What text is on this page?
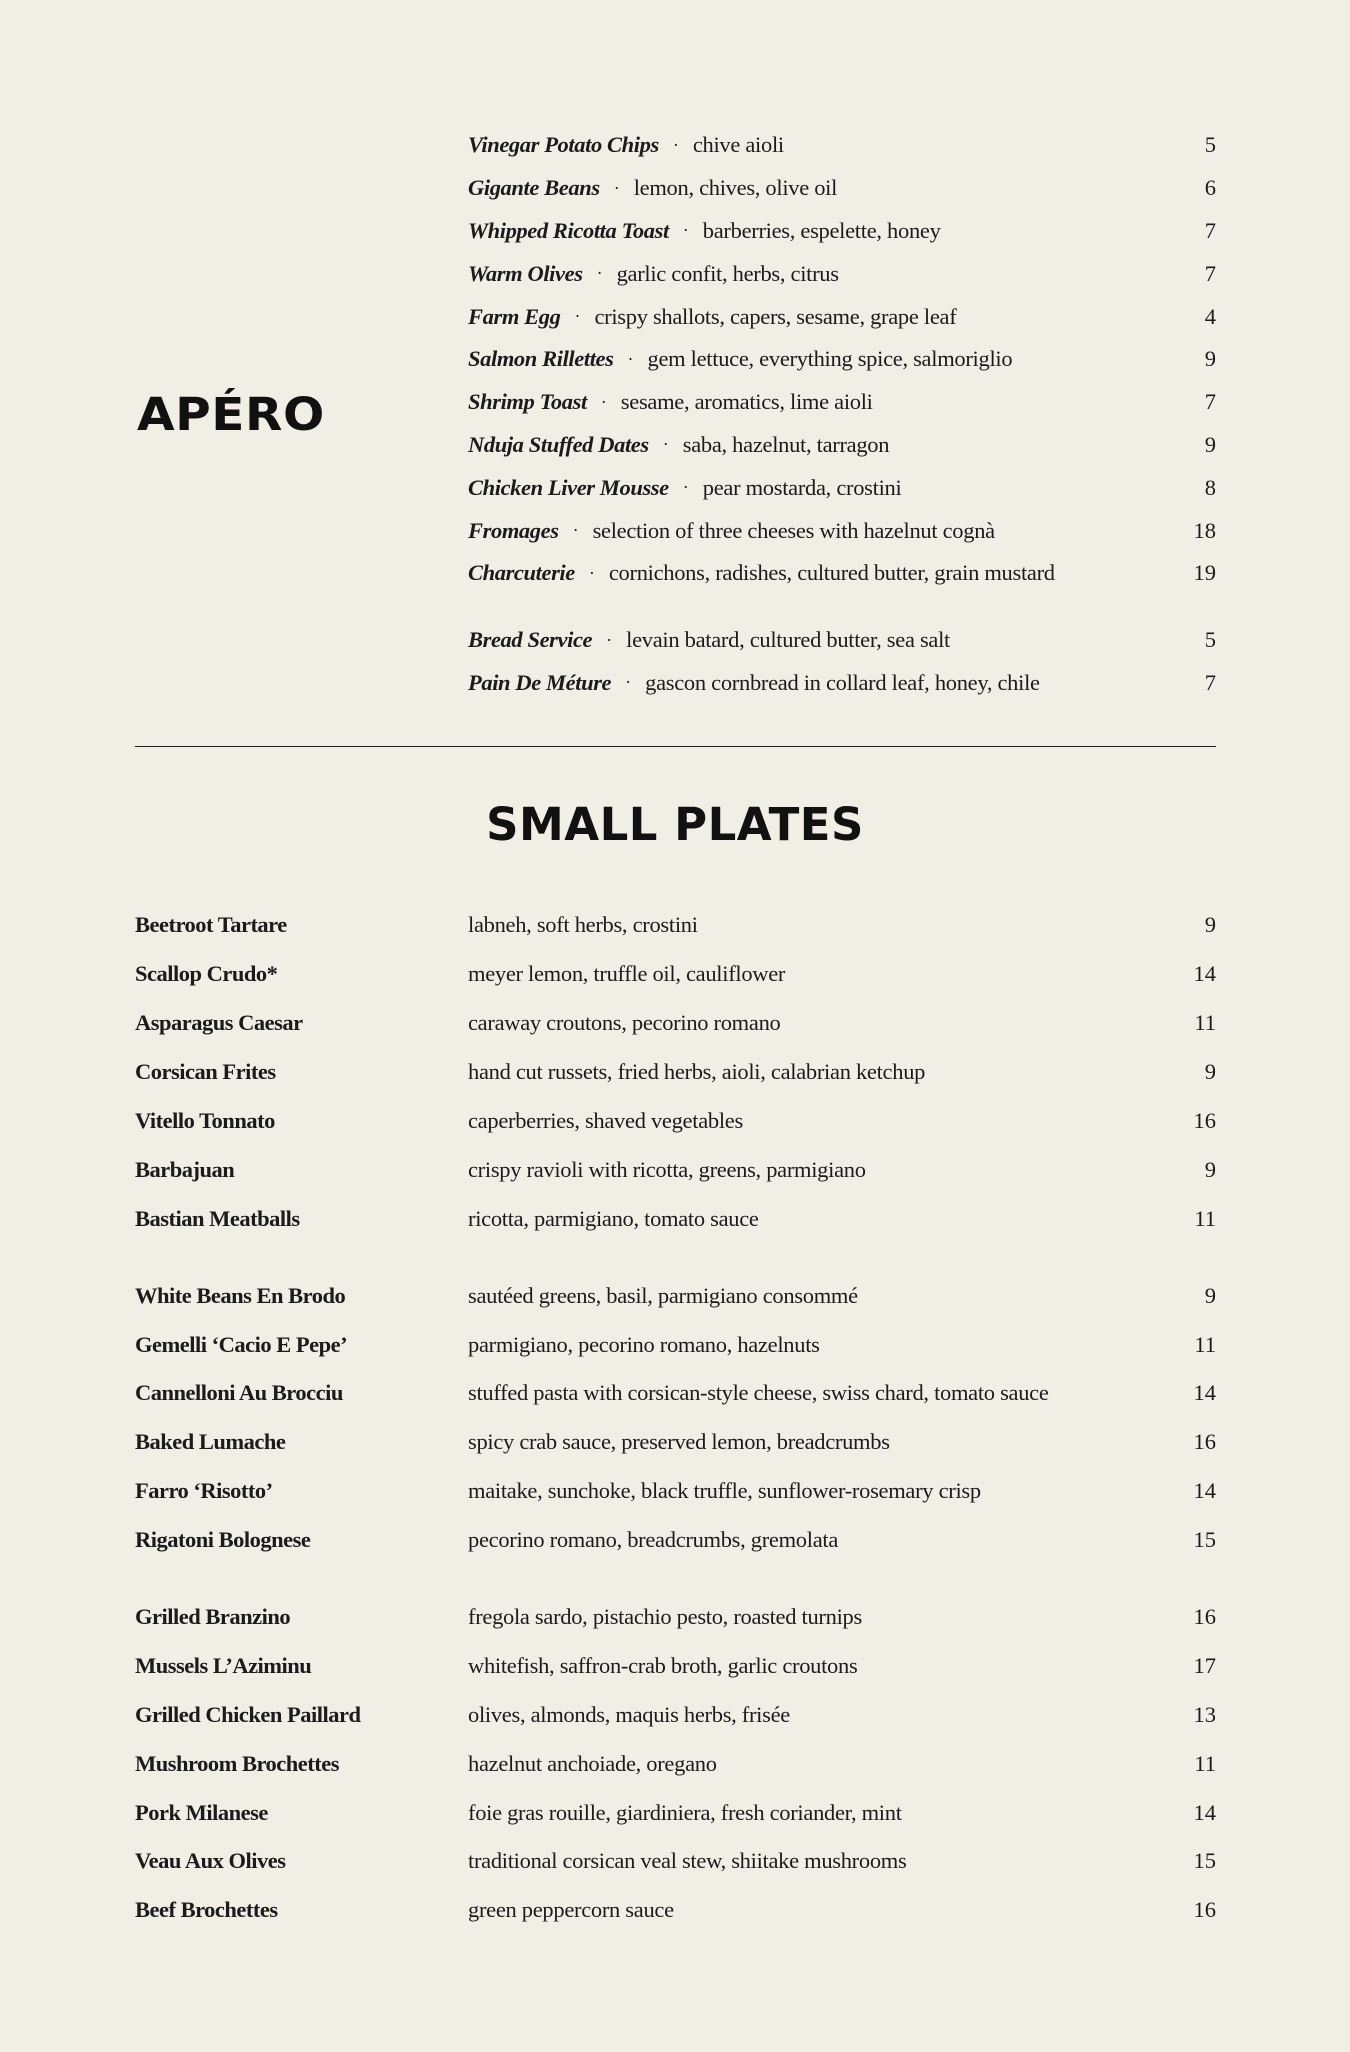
APÉRO
Vinegar Potato Chips · chive aioli	5
Gigante Beans · lemon, chives, olive oil	6
Whipped Ricotta Toast · barberries, espelette, honey	7
Warm Olives · garlic confit, herbs, citrus	7
Farm Egg · crispy shallots, capers, sesame, grape leaf	4
Salmon Rillettes · gem lettuce, everything spice, salmoriglio	9
Shrimp Toast · sesame, aromatics, lime aioli	7
Nduja Stuffed Dates · saba, hazelnut, tarragon	9
Chicken Liver Mousse · pear mostarda, crostini	8
Fromages · selection of three cheeses with hazelnut cognà	18
Charcuterie · cornichons, radishes, cultured butter, grain mustard	19
Bread Service · levain batard, cultured butter, sea salt	5
Pain De Méture · gascon cornbread in collard leaf, honey, chile	7
SMALL PLATES
Beetroot Tartare	labneh, soft herbs, crostini	9
Scallop Crudo*	meyer lemon, truffle oil, cauliflower	14
Asparagus Caesar	caraway croutons, pecorino romano	11
Corsican Frites	hand cut russets, fried herbs, aioli, calabrian ketchup	9
Vitello Tonnato	caperberries, shaved vegetables	16
Barbajuan	crispy ravioli with ricotta, greens, parmigiano	9
Bastian Meatballs	ricotta, parmigiano, tomato sauce	11
White Beans En Brodo	sautéed greens, basil, parmigiano consommé	9
Gemelli ‘Cacio E Pepe’	parmigiano, pecorino romano, hazelnuts	11
Cannelloni Au Brocciu	stuffed pasta with corsican-style cheese, swiss chard, tomato sauce	14
Baked Lumache	spicy crab sauce, preserved lemon, breadcrumbs	16
Farro ‘Risotto’	maitake, sunchoke, black truffle, sunflower-rosemary crisp	14
Rigatoni Bolognese	pecorino romano, breadcrumbs, gremolata	15
Grilled Branzino	fregola sardo, pistachio pesto, roasted turnips	16
Mussels L’Aziminu	whitefish, saffron-crab broth, garlic croutons	17
Grilled Chicken Paillard	olives, almonds, maquis herbs, frisée	13
Mushroom Brochettes	hazelnut anchoiade, oregano	11
Pork Milanese	foie gras rouille, giardiniera, fresh coriander, mint	14
Veau Aux Olives	traditional corsican veal stew, shiitake mushrooms	15
Beef Brochettes	green peppercorn sauce	16
